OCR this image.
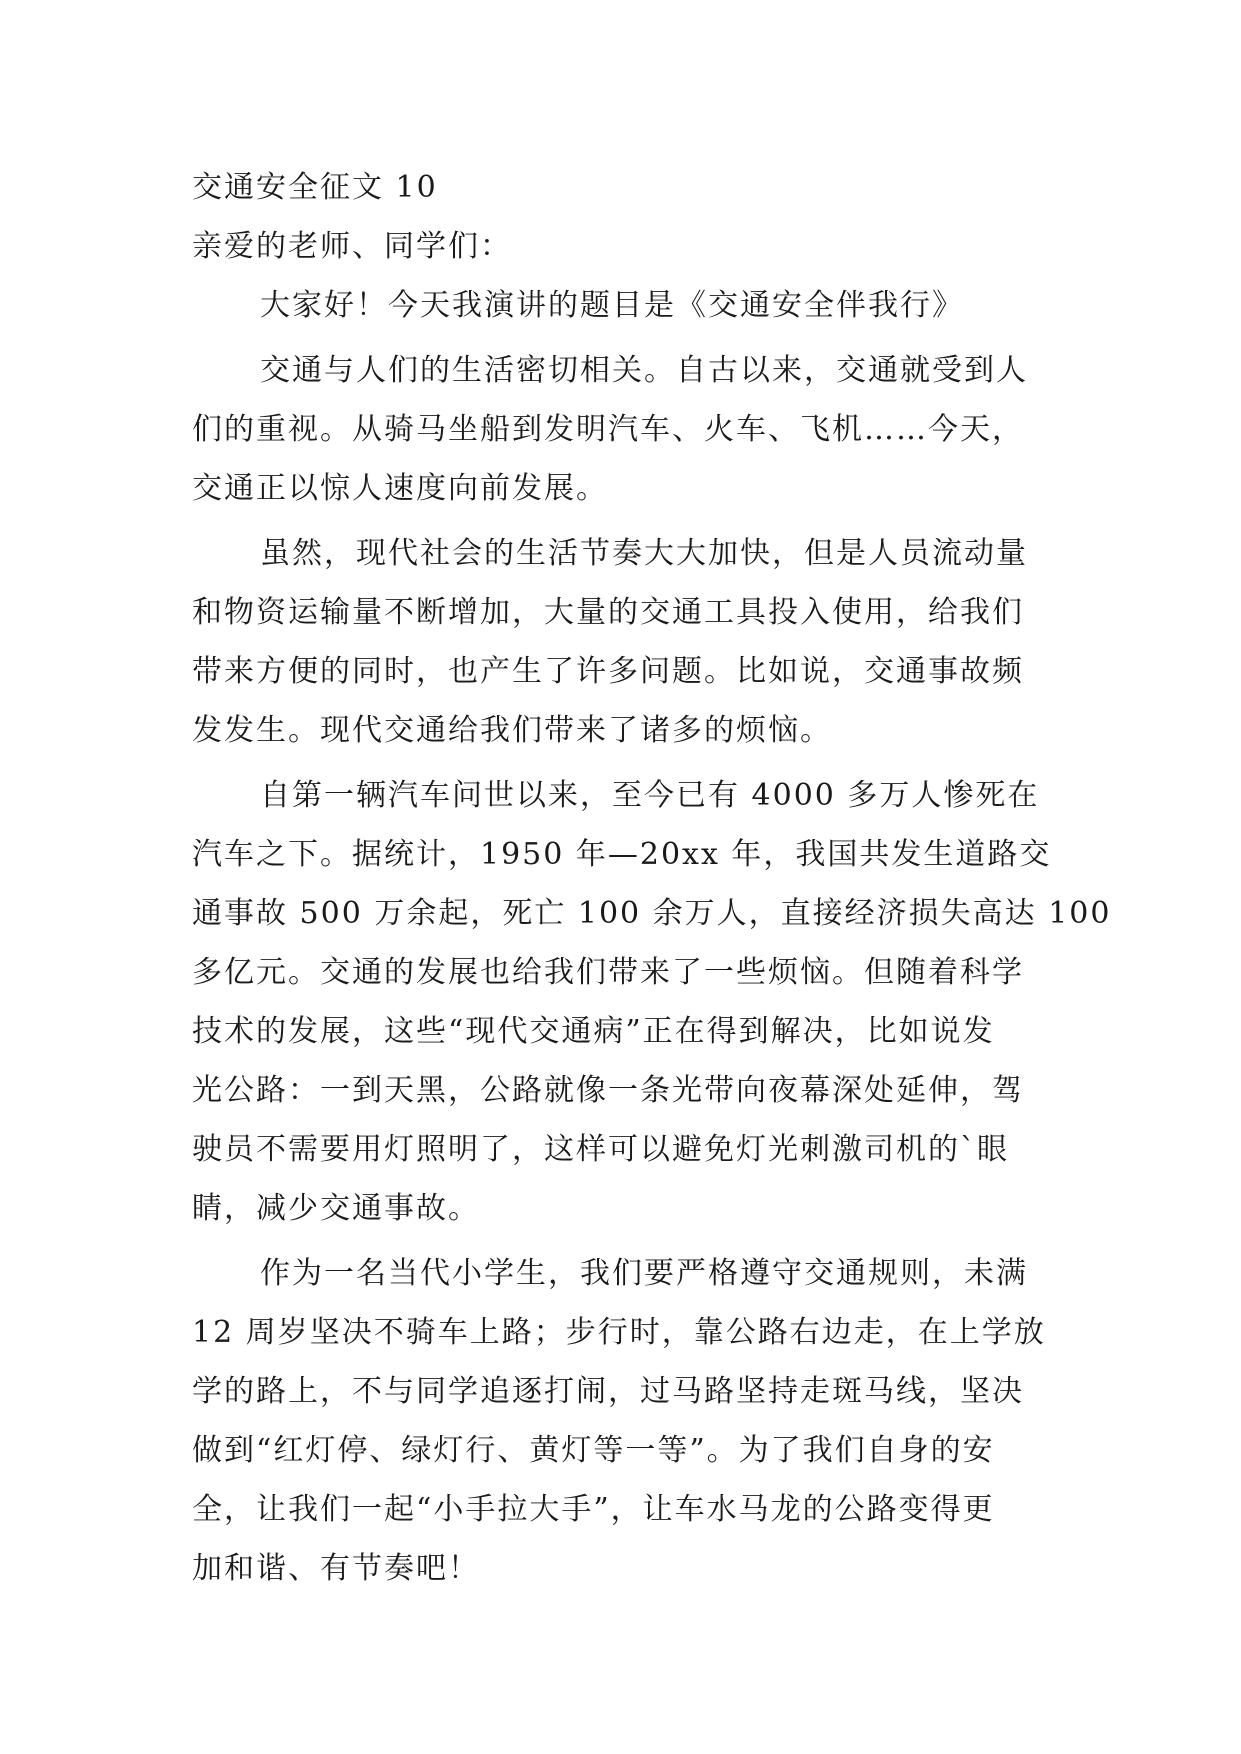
交通安全征文 10
亲爱的老师、同学们：
大家好！今天我演讲的题目是《交通安全伴我行》
交通与人们的生活密切相关。自古以来，交通就受到人
们的重视。从骑马坐船到发明汽车、火车、飞机……今天，
交通正以惊人速度向前发展。
虽然，现代社会的生活节奏大大加快，但是人员流动量
和物资运输量不断增加，大量的交通工具投入使用，给我们
带来方便的同时，也产生了许多问题。比如说，交通事故频
发发生。现代交通给我们带来了诸多的烦恼。
自第一辆汽车问世以来，至今已有 4000 多万人惨死在
汽车之下。据统计，1950 年—20xx 年，我国共发生道路交
通事故 500 万余起，死亡 100 余万人，直接经济损失高达 100
多亿元。交通的发展也给我们带来了一些烦恼。但随着科学
技术的发展，这些“现代交通病”正在得到解决，比如说发
光公路：一到天黑，公路就像一条光带向夜幕深处延伸，驾
驶员不需要用灯照明了，这样可以避免灯光刺激司机的`眼
睛，减少交通事故。
作为一名当代小学生，我们要严格遵守交通规则，未满
12 周岁坚决不骑车上路；步行时，靠公路右边走，在上学放
学的路上，不与同学追逐打闹，过马路坚持走斑马线，坚决
做到“红灯停、绿灯行、黄灯等一等”。为了我们自身的安
全，让我们一起“小手拉大手”，让车水马龙的公路变得更
加和谐、有节奏吧！
